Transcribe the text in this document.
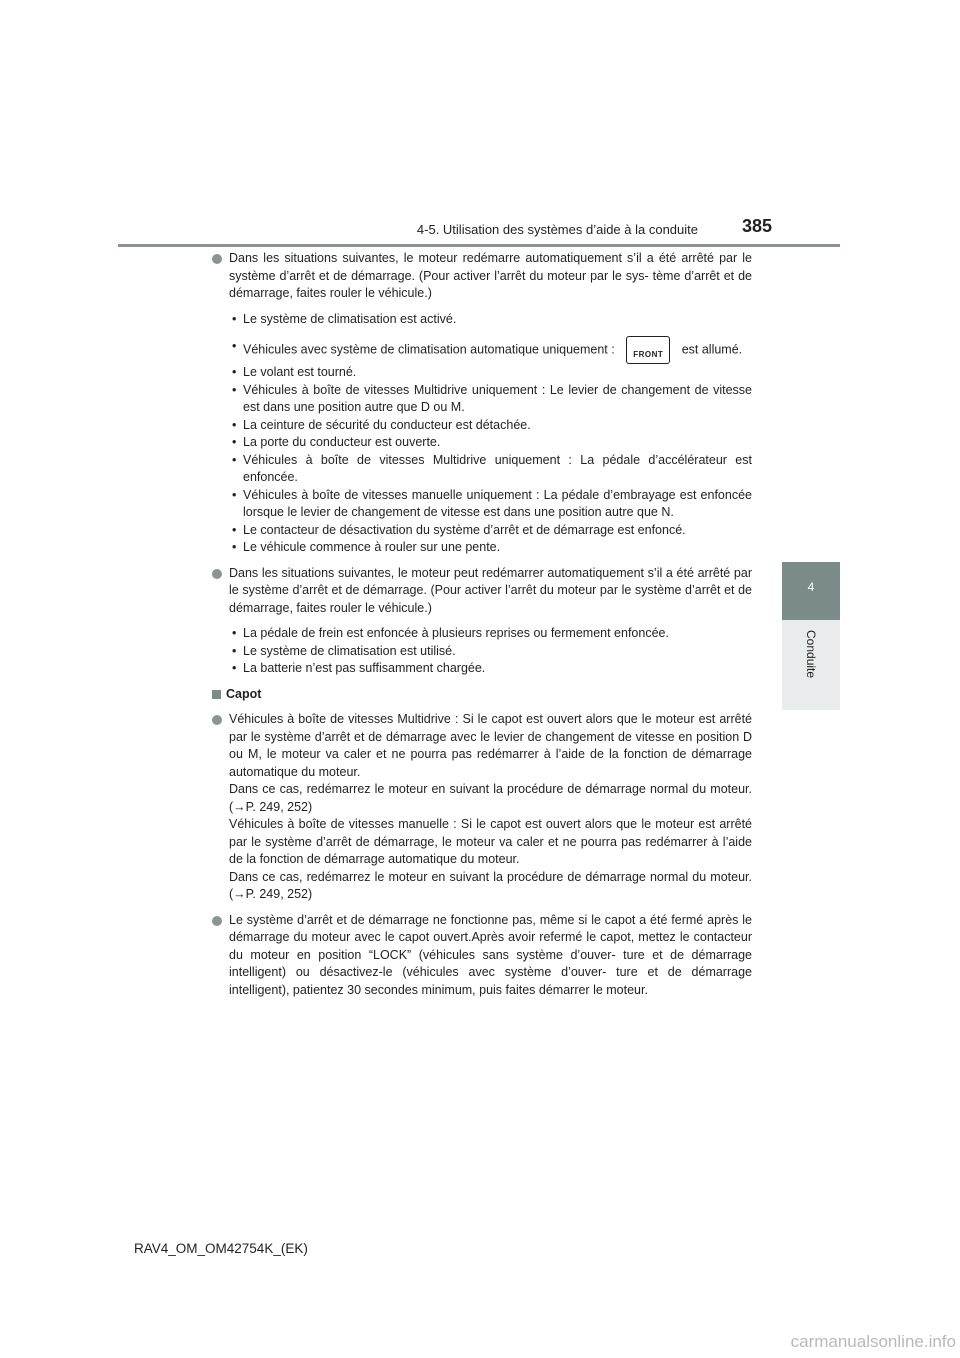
4-5. Utilisation des systèmes d’aide à la conduite 385
4
Conduite
Dans les situations suivantes, le moteur redémarre automatiquement s’il a été arrêté par le système d’arrêt et de démarrage. (Pour activer l’arrêt du moteur par le sys- tème d’arrêt et de démarrage, faites rouler le véhicule.)
• Le système de climatisation est activé.
• Véhicules avec système de climatisation automatique uniquement : FRONT est allumé.
• Le volant est tourné.
• Véhicules à boîte de vitesses Multidrive uniquement : Le levier de changement de vitesse est dans une position autre que D ou M.
• La ceinture de sécurité du conducteur est détachée.
• La porte du conducteur est ouverte.
• Véhicules à boîte de vitesses Multidrive uniquement : La pédale d’accélérateur est enfoncée.
• Véhicules à boîte de vitesses manuelle uniquement : La pédale d’embrayage est enfoncée lorsque le levier de changement de vitesse est dans une position autre que N.
• Le contacteur de désactivation du système d’arrêt et de démarrage est enfoncé.
• Le véhicule commence à rouler sur une pente.
Dans les situations suivantes, le moteur peut redémarrer automatiquement s’il a été arrêté par le système d’arrêt et de démarrage. (Pour activer l’arrêt du moteur par le système d’arrêt et de démarrage, faites rouler le véhicule.)
• La pédale de frein est enfoncée à plusieurs reprises ou fermement enfoncée.
• Le système de climatisation est utilisé.
• La batterie n’est pas suffisamment chargée.
Capot
Véhicules à boîte de vitesses Multidrive : Si le capot est ouvert alors que le moteur est arrêté par le système d’arrêt et de démarrage avec le levier de changement de vitesse en position D ou M, le moteur va caler et ne pourra pas redémarrer à l’aide de la fonction de démarrage automatique du moteur.
Dans ce cas, redémarrez le moteur en suivant la procédure de démarrage normal du moteur. (→P. 249, 252)
Véhicules à boîte de vitesses manuelle : Si le capot est ouvert alors que le moteur est arrêté par le système d’arrêt de démarrage, le moteur va caler et ne pourra pas redémarrer à l’aide de la fonction de démarrage automatique du moteur.
Dans ce cas, redémarrez le moteur en suivant la procédure de démarrage normal du moteur. (→P. 249, 252)
Le système d’arrêt et de démarrage ne fonctionne pas, même si le capot a été fermé après le démarrage du moteur avec le capot ouvert.Après avoir refermé le capot, mettez le contacteur du moteur en position “LOCK” (véhicules sans système d’ouver- ture et de démarrage intelligent) ou désactivez-le (véhicules avec système d’ouver- ture et de démarrage intelligent), patientez 30 secondes minimum, puis faites démarrer le moteur.
RAV4_OM_OM42754K_(EK)
carmanualsonline.info
